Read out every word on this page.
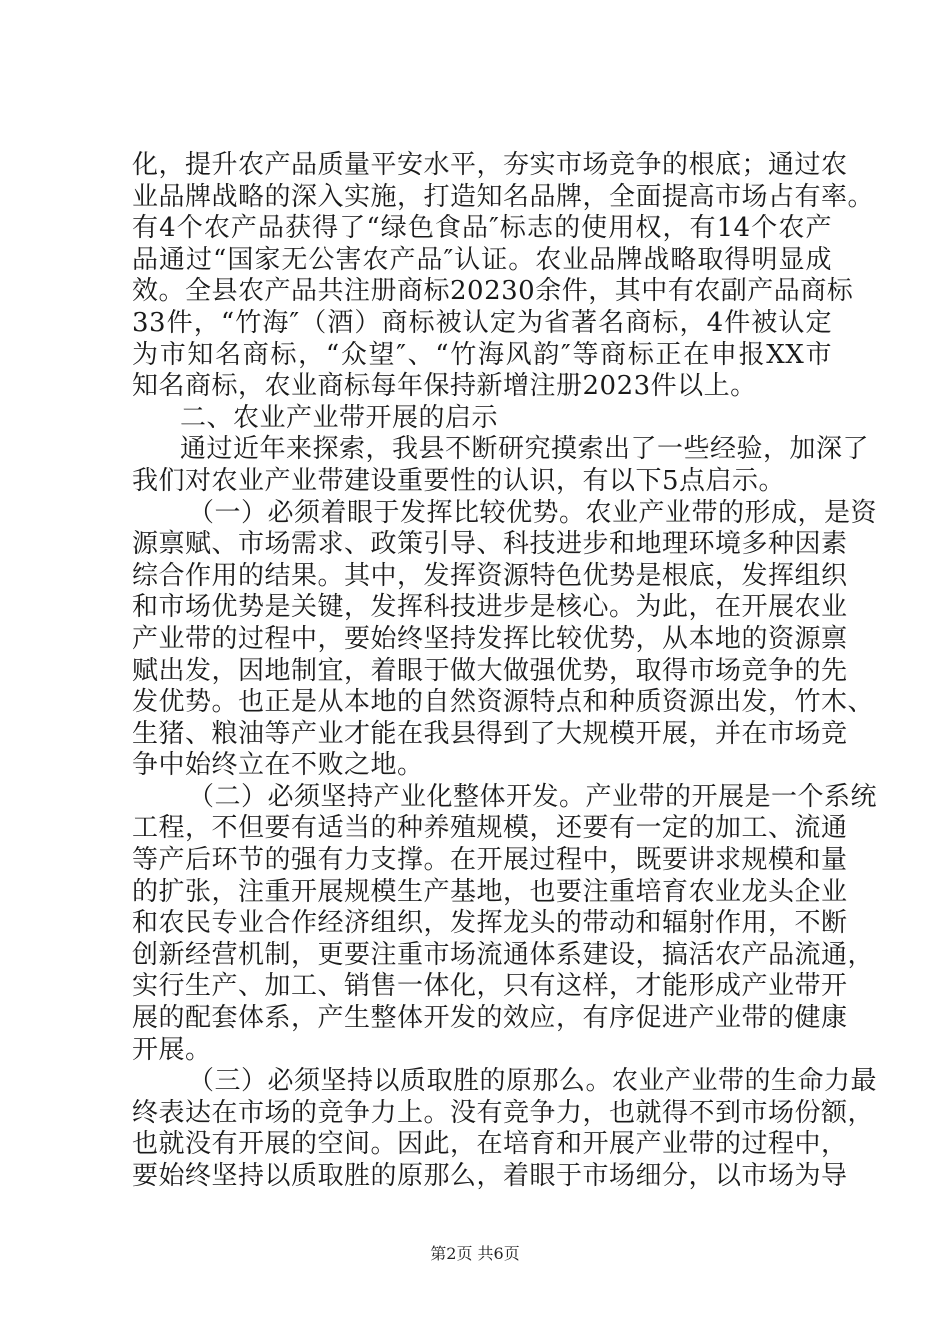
化，提升农产品质量平安水平，夯实市场竞争的根底；通过农
业品牌战略的深入实施，打造知名品牌，全面提高市场占有率。
有4个农产品获得了“绿色食品″标志的使用权，有14个农产
品通过“国家无公害农产品″认证。农业品牌战略取得明显成
效。全县农产品共注册商标20230余件，其中有农副产品商标
33件，“竹海″（酒）商标被认定为省著名商标，4件被认定
为市知名商标，“众望″、“竹海风韵″等商标正在申报XX市
知名商标，农业商标每年保持新增注册2023件以上。
二、农业产业带开展的启示
通过近年来探索，我县不断研究摸索出了一些经验，加深了
我们对农业产业带建设重要性的认识，有以下5点启示。
（一）必须着眼于发挥比较优势。农业产业带的形成，是资
源禀赋、市场需求、政策引导、科技进步和地理环境多种因素
综合作用的结果。其中，发挥资源特色优势是根底，发挥组织
和市场优势是关键，发挥科技进步是核心。为此，在开展农业
产业带的过程中，要始终坚持发挥比较优势，从本地的资源禀
赋出发，因地制宜，着眼于做大做强优势，取得市场竞争的先
发优势。也正是从本地的自然资源特点和种质资源出发，竹木、
生猪、粮油等产业才能在我县得到了大规模开展，并在市场竞
争中始终立在不败之地。
（二）必须坚持产业化整体开发。产业带的开展是一个系统
工程，不但要有适当的种养殖规模，还要有一定的加工、流通
等产后环节的强有力支撑。在开展过程中，既要讲求规模和量
的扩张，注重开展规模生产基地，也要注重培育农业龙头企业
和农民专业合作经济组织，发挥龙头的带动和辐射作用，不断
创新经营机制，更要注重市场流通体系建设，搞活农产品流通，
实行生产、加工、销售一体化，只有这样，才能形成产业带开
展的配套体系，产生整体开发的效应，有序促进产业带的健康
开展。
（三）必须坚持以质取胜的原那么。农业产业带的生命力最
终表达在市场的竞争力上。没有竞争力，也就得不到市场份额，
也就没有开展的空间。因此，在培育和开展产业带的过程中，
要始终坚持以质取胜的原那么，着眼于市场细分，以市场为导
第2页 共6页
